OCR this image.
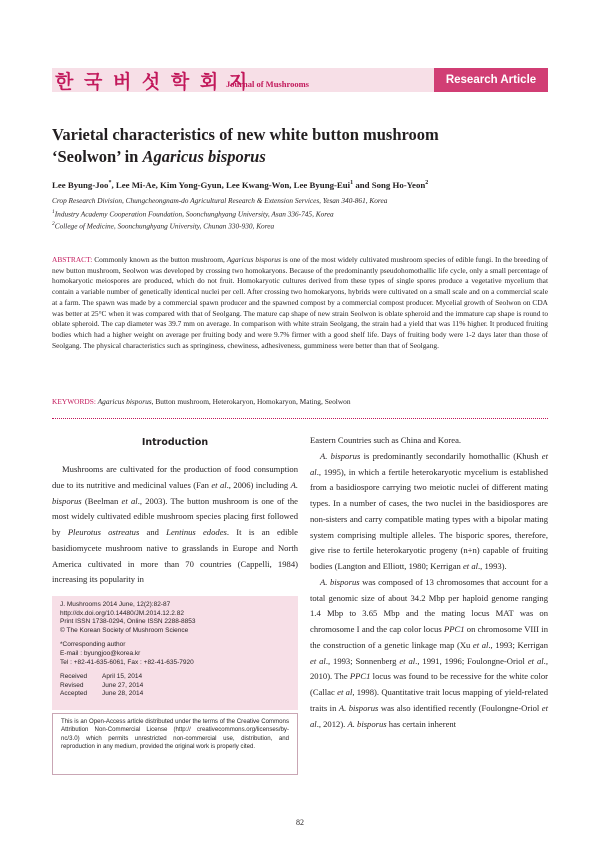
한 국 버 섯 학 회 지
Journal of Mushrooms	Research Article
Varietal characteristics of new white button mushroom
‘Seolwon’ in Agaricus bisporus
Lee Byung-Joo*, Lee Mi-Ae, Kim Yong-Gyun, Lee Kwang-Won, Lee Byung-Eui$^1$ and Song Ho-Yeon$^2$
Crop Research Division, Chungcheongnam-do Agricultural Research & Extension Services, Yesan 340-861, Korea
$^1$Industry Academy Cooperation Foundation, Soonchunghyang University, Asan 336-745, Korea
$^2$College of Medicine, Soonchunghyang University, Chunan 330-930, Korea
ABSTRACT: Commonly known as the button mushroom, Agaricus bisporus is one of the most widely cultivated mushroom species of edible fungi. In the breeding of new button mushroom, Seolwon was developed by crossing two homokaryons. Because of the predominantly pseudohomothallic life cycle, only a small percentage of homokaryotic meiospores are produced, which do not fruit. Homokaryotic cultures derived from these types of single spores produce a vegetative mycelium that contain a variable number of genetically identical nuclei per cell. After crossing two homokaryons, hybrids were cultivated on a small scale and on a commercial scale at a farm. The spawn was made by a commercial spawn producer and the spawned compost by a commercial compost producer. Mycelial growth of Seolwon on CDA was better at 25°C when it was compared with that of Seolgang. The mature cap shape of new strain Seolwon is oblate spheroid and the immature cap shape is round to oblate spheroid. The cap diameter was 39.7 mm on average. In comparison with white strain Seolgang, the strain had a yield that was 11% higher. It produced fruiting bodies which had a higher weight on average per fruiting body and were 9.7% firmer with a good shelf life. Days of fruiting body were 1-2 days later than those of Seolgang. The physical characteristics such as springiness, chewiness, adhesiveness, gumminess were better than that of Seolgang.
KEYWORDS: Agaricus bisporus, Button mushroom, Heterokaryon, Homokaryon, Mating, Seolwon
Introduction

Mushrooms are cultivated for the production of food consumption due to its nutritive and medicinal values (Fan et al., 2006) including A. bisporus (Beelman et al., 2003). The button mushroom is one of the most widely cultivated edible mushroom species placing first followed by Pleurotus ostreatus and Lentinus edodes. It is an edible basidiomycete mushroom native to grasslands in Europe and North America cultivated in more than 70 countries (Cappelli, 1984) increasing its popularity in

J. Mushrooms 2014 June, 12(2):82-87
http://dx.doi.org/10.14480/JM.2014.12.2.82
Print ISSN 1738-0294, Online ISSN 2288-8853
© The Korean Society of Mushroom Science
*Corresponding author
E-mail : byungjoo@korea.kr
Tel : +82-41-635-6061, Fax : +82-41-635-7920
Received April 15, 2014
Revised	June 27, 2014
Accepted June 28, 2014
This is an Open-Access article distributed under the terms of the Creative Commons Attribution Non-Commercial License (http:// creativecommons.org/licenses/by-nc/3.0) which permits unrestricted non-commercial use, distribution, and reproduction in any medium, provided the original work is properly cited.
Eastern Countries such as China and Korea.

A. bisporus is predominantly secondarily homothallic (Khush et al., 1995), in which a fertile heterokaryotic mycelium is established from a basidiospore carrying two meiotic nuclei of different mating types. In a number of cases, the two nuclei in the basidiospores are non-sisters and carry compatible mating types with a bipolar mating system comprising multiple alleles. The bisporic spores, therefore, give rise to fertile heterokaryotic progeny (n+n) capable of fruiting bodies (Langton and Elliott, 1980; Kerrigan et al., 1993).

A. bisporus was composed of 13 chromosomes that account for a total genomic size of about 34.2 Mbp per haploid genome ranging 1.4 Mbp to 3.65 Mbp and the mating locus MAT was on chromosome I and the cap color locus PPC1 on chromosome VIII in the construction of a genetic linkage map (Xu et al., 1993; Kerrigan et al., 1993; Sonnenberg et al., 1991, 1996; Foulongne-Oriol et al., 2010). The PPC1 locus was found to be recessive for the white color (Callac et al, 1998). Quantitative trait locus mapping of yield-related traits in A. bisporus was also identified recently (Foulongne-Oriol et al., 2012). A. bisporus has certain inherent

82
